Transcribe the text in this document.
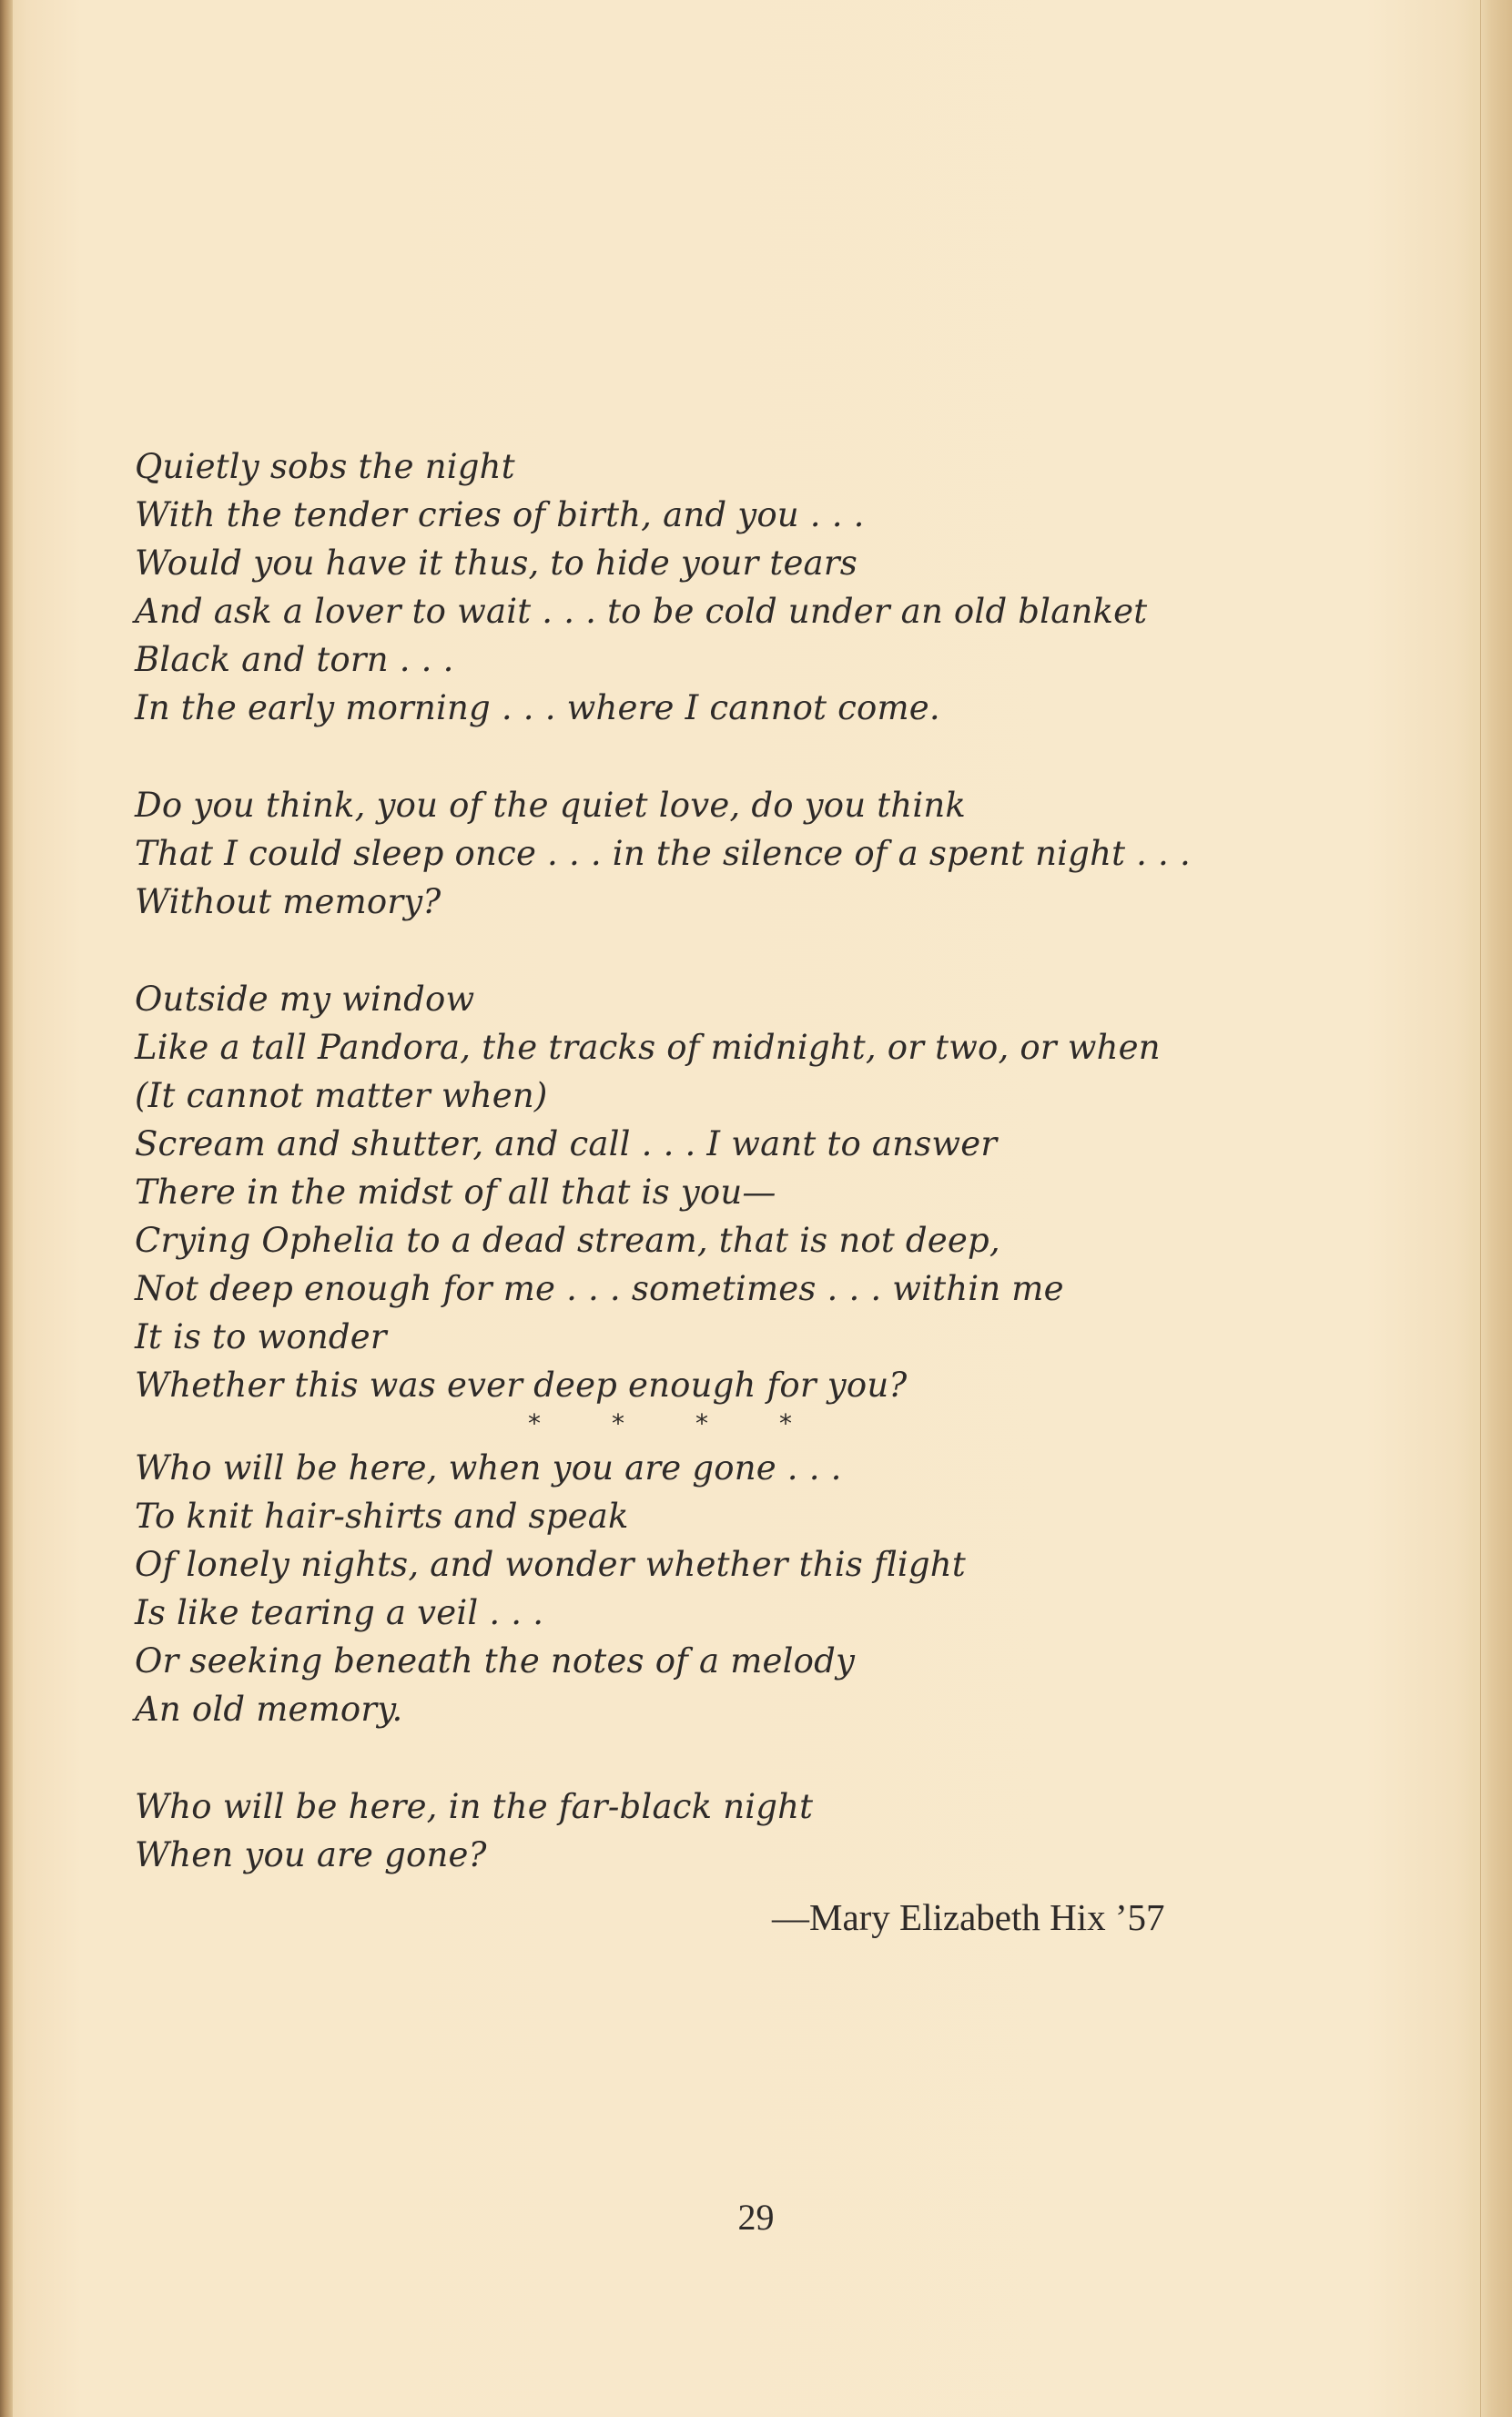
Quietly sobs the night
With the tender cries of birth, and you . . .
Would you have it thus, to hide your tears
And ask a lover to wait . . . to be cold under an old blanket
Black and torn . . .
In the early morning . . . where I cannot come.
Do you think, you of the quiet love, do you think
That I could sleep once . . . in the silence of a spent night . . .
Without memory?
Outside my window
Like a tall Pandora, the tracks of midnight, or two, or when
(It cannot matter when)
Scream and shutter, and call . . . I want to answer
There in the midst of all that is you—
Crying Ophelia to a dead stream, that is not deep,
Not deep enough for me . . . sometimes . . . within me
It is to wonder
Whether this was ever deep enough for you?
*	*	*	*
Who will be here, when you are gone . . .
To knit hair-shirts and speak
Of lonely nights, and wonder whether this flight
Is like tearing a veil . . .
Or seeking beneath the notes of a melody
An old memory.
Who will be here, in the far-black night
When you are gone?
—Mary Elizabeth Hix ’57
29
